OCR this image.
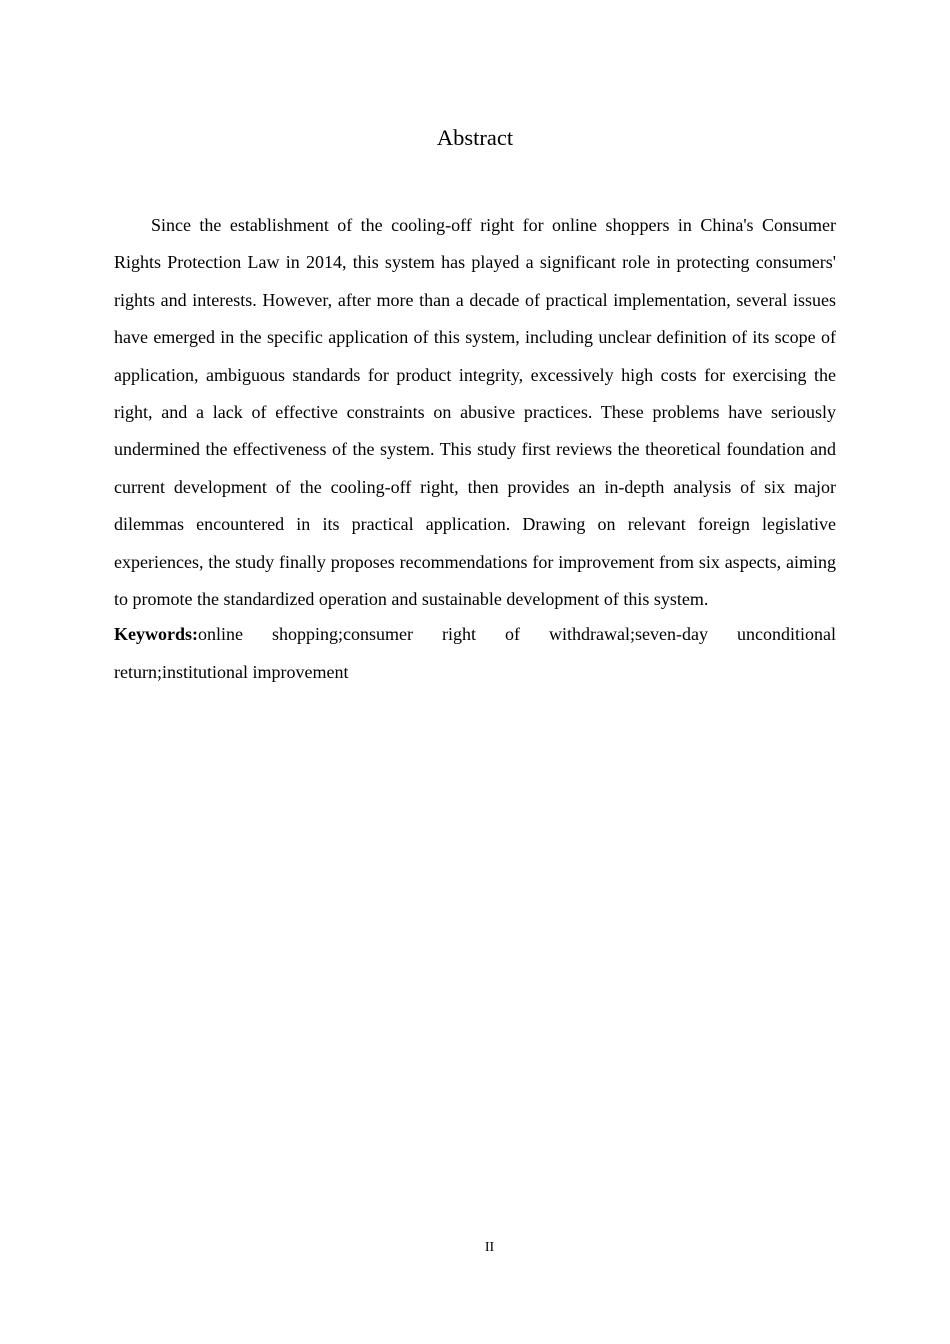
Abstract

Since the establishment of the cooling-off right for online shoppers in China's Consumer Rights Protection Law in 2014, this system has played a significant role in protecting consumers' rights and interests. However, after more than a decade of practical implementation, several issues have emerged in the specific application of this system, including unclear definition of its scope of application, ambiguous standards for product integrity, excessively high costs for exercising the right, and a lack of effective constraints on abusive practices. These problems have seriously undermined the effectiveness of the system. This study first reviews the theoretical foundation and current development of the cooling-off right, then provides an in-depth analysis of six major dilemmas encountered in its practical application. Drawing on relevant foreign legislative experiences, the study finally proposes recommendations for improvement from six aspects, aiming to promote the standardized operation and sustainable development of this system.

Keywords:online shopping;consumer right of withdrawal;seven-day unconditional return;institutional improvement

II
